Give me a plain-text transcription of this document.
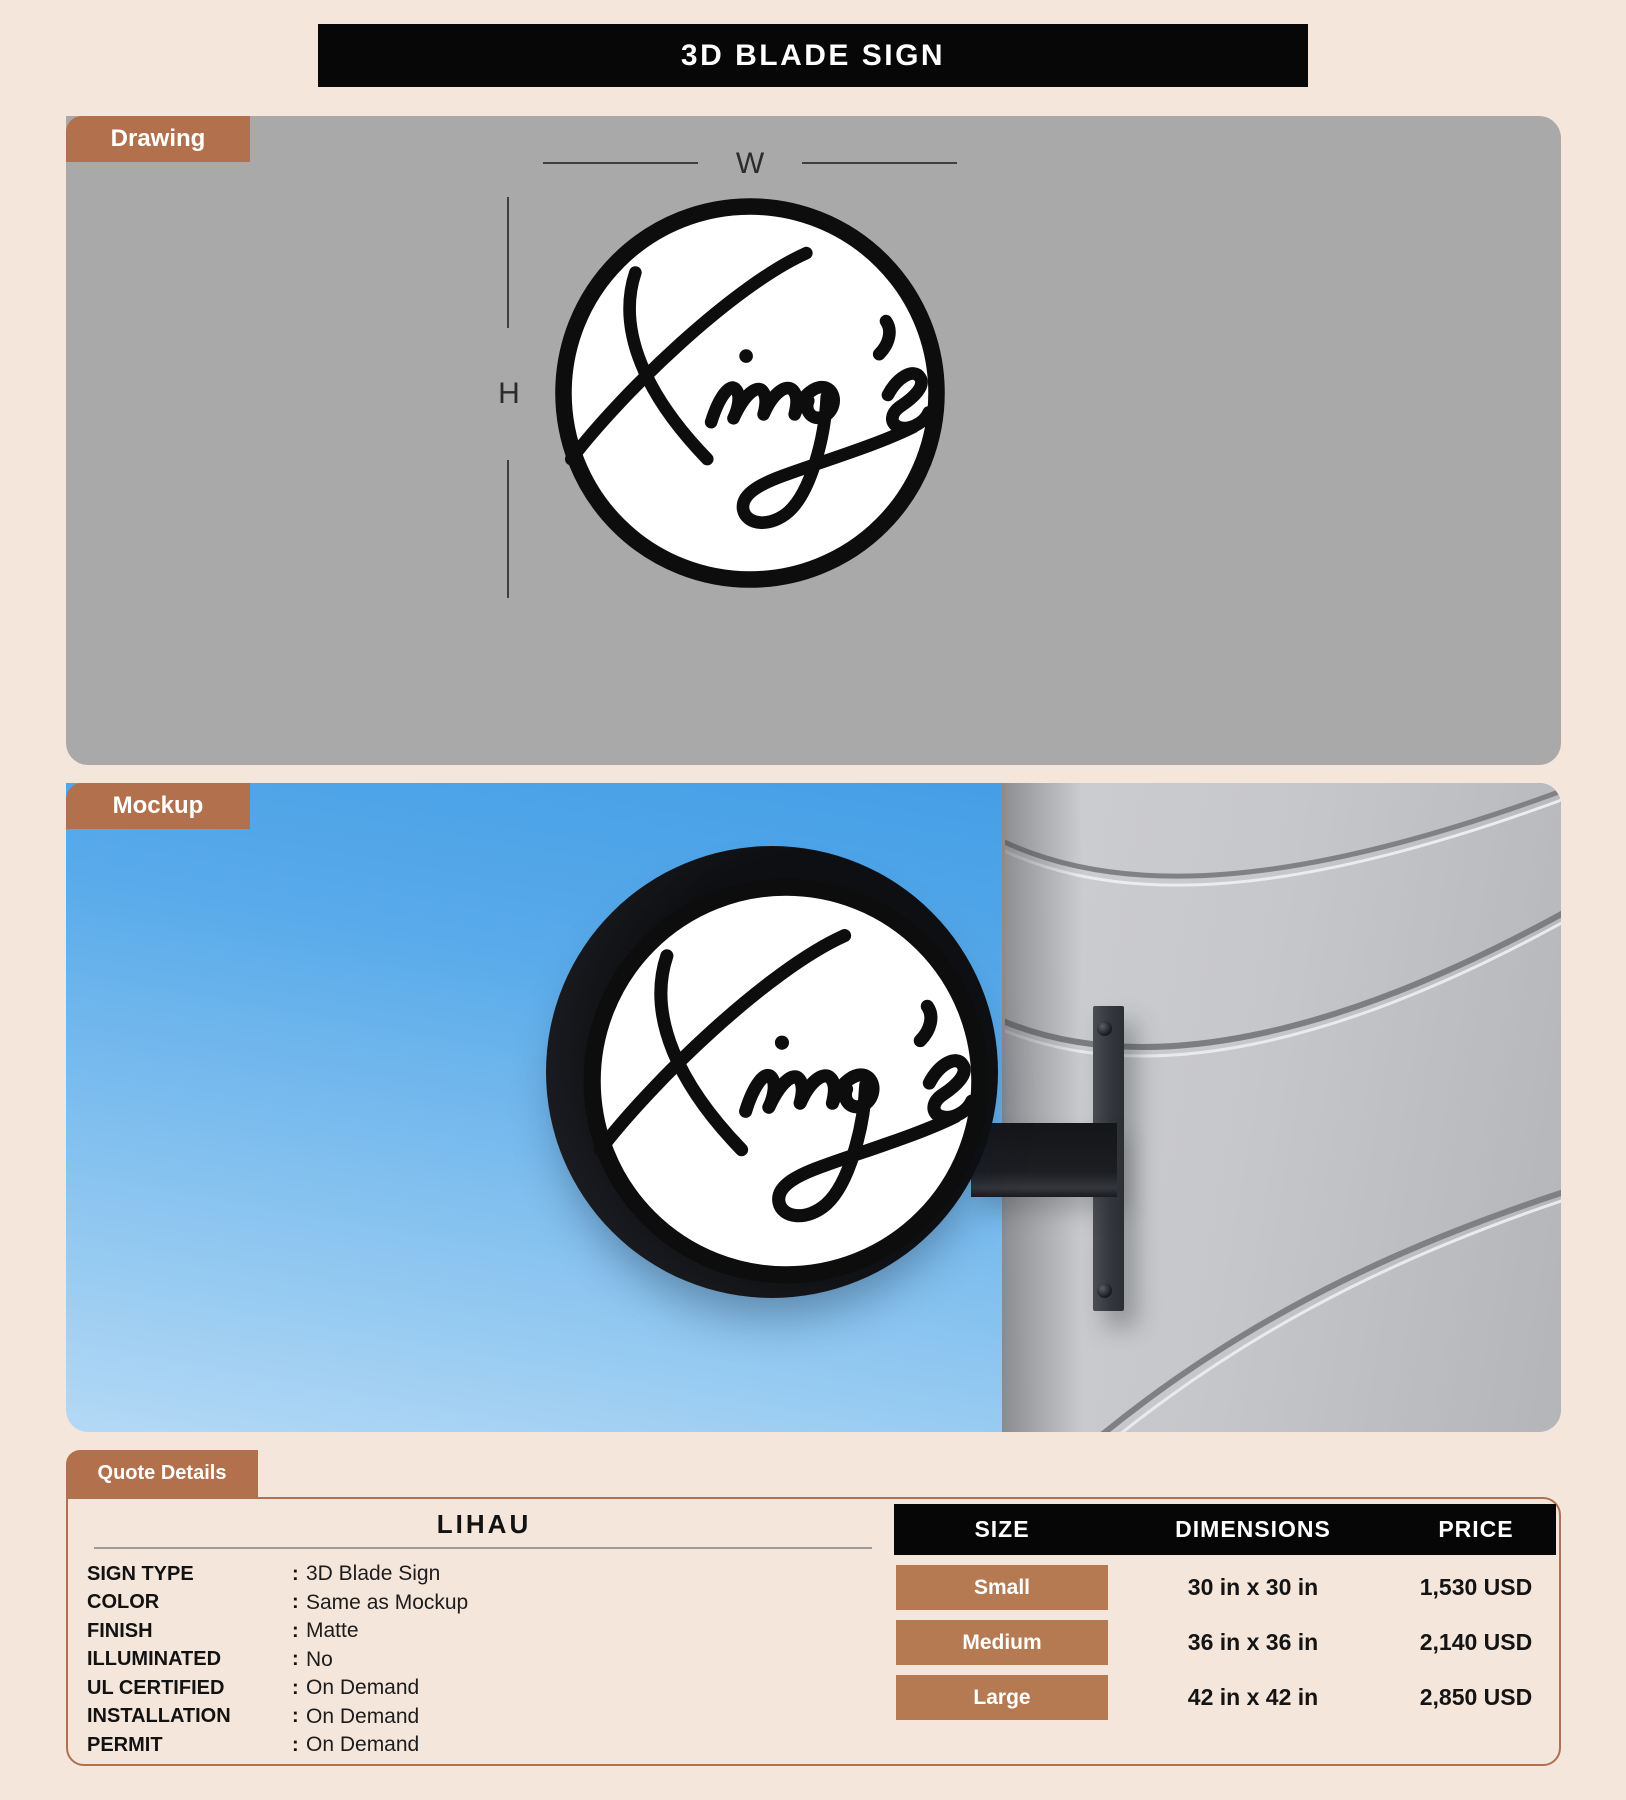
3D BLADE SIGN
W
H
Drawing
Mockup
Quote Details
LIHAU
SIGN TYPE	: 3D Blade Sign
COLOR	: Same as Mockup
FINISH	: Matte
ILLUMINATED	: No
UL CERTIFIED	: On Demand
INSTALLATION	: On Demand
PERMIT	: On Demand
SIZE	DIMENSIONS	PRICE
Small	30 in x 30 in	1,530 USD
Medium	36 in x 36 in	2,140 USD
Large	42 in x 42 in	2,850 USD
